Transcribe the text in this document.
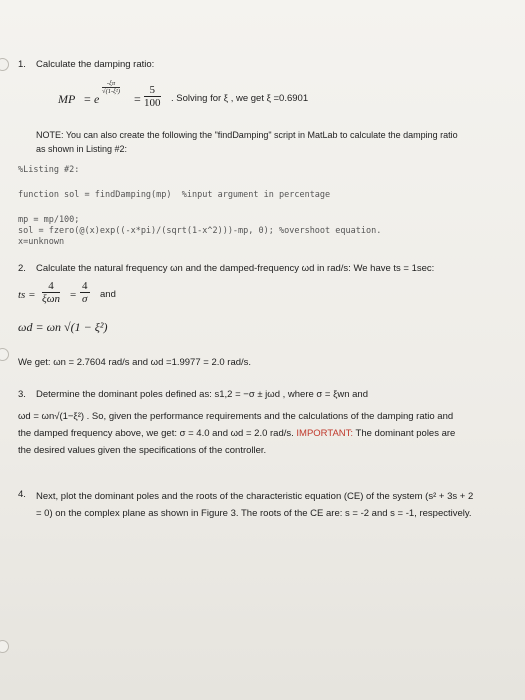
1. Calculate the damping ratio:
MP = e
-ξπ
√(1-ξ²)
= $\frac{5}{100}$ . Solving for ξ , we get ξ =0.6901
NOTE: You can also create the following the "findDamping" script in MatLab to calculate the damping ratio as shown in Listing #2:
%Listing #2:
function sol = findDamping(mp)  %input argument in percentage
mp = mp/100;
sol = fzero(@(x)exp((-x*pi)/(sqrt(1-x^2)))-mp, 0); %overshoot equation.
x=unknown
2. Calculate the natural frequency ωn and the damped-frequency ωd in rad/s: We have ts = 1sec:
ts =
4
$\xi\omega n = \frac{4}{\sigma}$ and
ωd = ωn √(1 − ξ²)
We get: ωn = 2.7604 rad/s and ωd =1.9977 = 2.0 rad/s.
3. Determine the dominant poles defined as: s1,2 = −σ ± jωd , where σ = ξwn and
ωd = ωn√(1−ξ²) . So, given the performance requirements and the calculations of the damping ratio and the damped frequency above, we get: σ = 4.0 and ωd = 2.0 rad/s. IMPORTANT: The dominant poles are the desired values given the specifications of the controller.
4. Next, plot the dominant poles and the roots of the characteristic equation (CE) of the system (s² + 3s + 2 = 0) on the complex plane as shown in Figure 3. The roots of the CE are: s = -2 and s = -1, respectively.
